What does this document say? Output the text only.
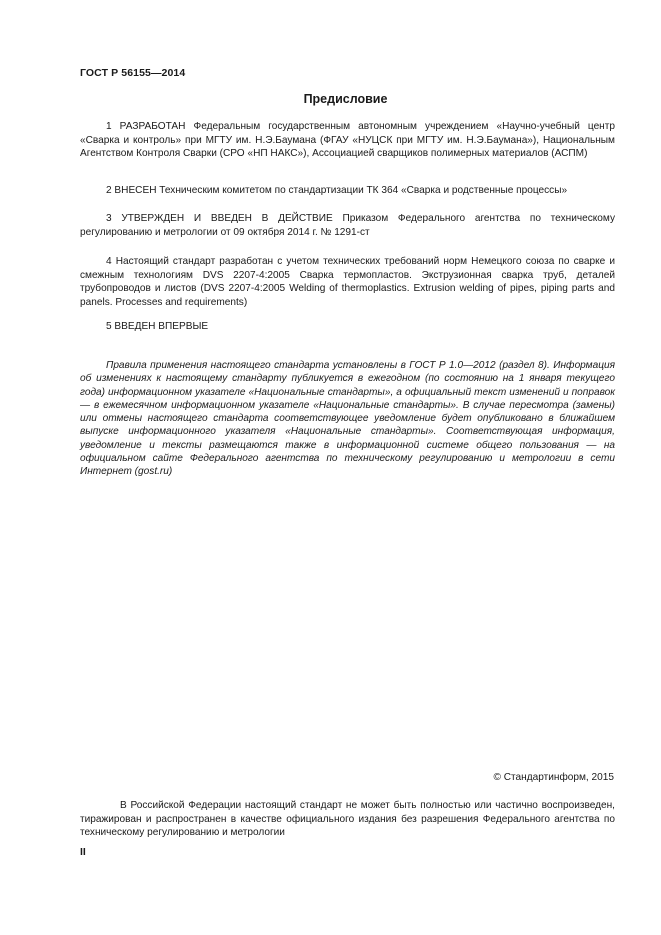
ГОСТ Р 56155—2014
Предисловие

1 РАЗРАБОТАН Федеральным государственным автономным учреждением «Научно-учебный центр «Сварка и контроль» при МГТУ им. Н.Э.Баумана (ФГАУ «НУЦСК при МГТУ им. Н.Э.Баумана»), Национальным Агентством Контроля Сварки (СРО «НП НАКС»), Ассоциацией сварщиков полимерных материалов (АСПМ)

2 ВНЕСЕН Техническим комитетом по стандартизации ТК 364 «Сварка и родственные процессы»

3 УТВЕРЖДЕН И ВВЕДЕН В ДЕЙСТВИЕ Приказом Федерального агентства по техническому регулированию и метрологии от 09 октября 2014 г. № 1291-ст

4 Настоящий стандарт разработан с учетом технических требований норм Немецкого союза по сварке и смежным технологиям DVS 2207-4:2005 Сварка термопластов. Экструзионная сварка труб, деталей трубопроводов и листов (DVS 2207-4:2005 Welding of thermoplastics. Extrusion welding of pipes, piping parts and panels. Processes and requirements)

5 ВВЕДЕН ВПЕРВЫЕ

Правила применения настоящего стандарта установлены в ГОСТ Р 1.0—2012 (раздел 8). Информация об изменениях к настоящему стандарту публикуется в ежегодном (по состоянию на 1 января текущего года) информационном указателе «Национальные стандарты», а официальный текст изменений и поправок — в ежемесячном информационном указателе «Национальные стандарты». В случае пересмотра (замены) или отмены настоящего стандарта соответствующее уведомление будет опубликовано в ближайшем выпуске информационного указателя «Национальные стандарты». Соответствующая информация, уведомление и тексты размещаются также в информационной системе общего пользования — на официальном сайте Федерального агентства по техническому регулированию и метрологии в сети Интернет (gost.ru)

© Стандартинформ, 2015

В Российской Федерации настоящий стандарт не может быть полностью или частично воспроизведен, тиражирован и распространен в качестве официального издания без разрешения Федерального агентства по техническому регулированию и метрологии

II
